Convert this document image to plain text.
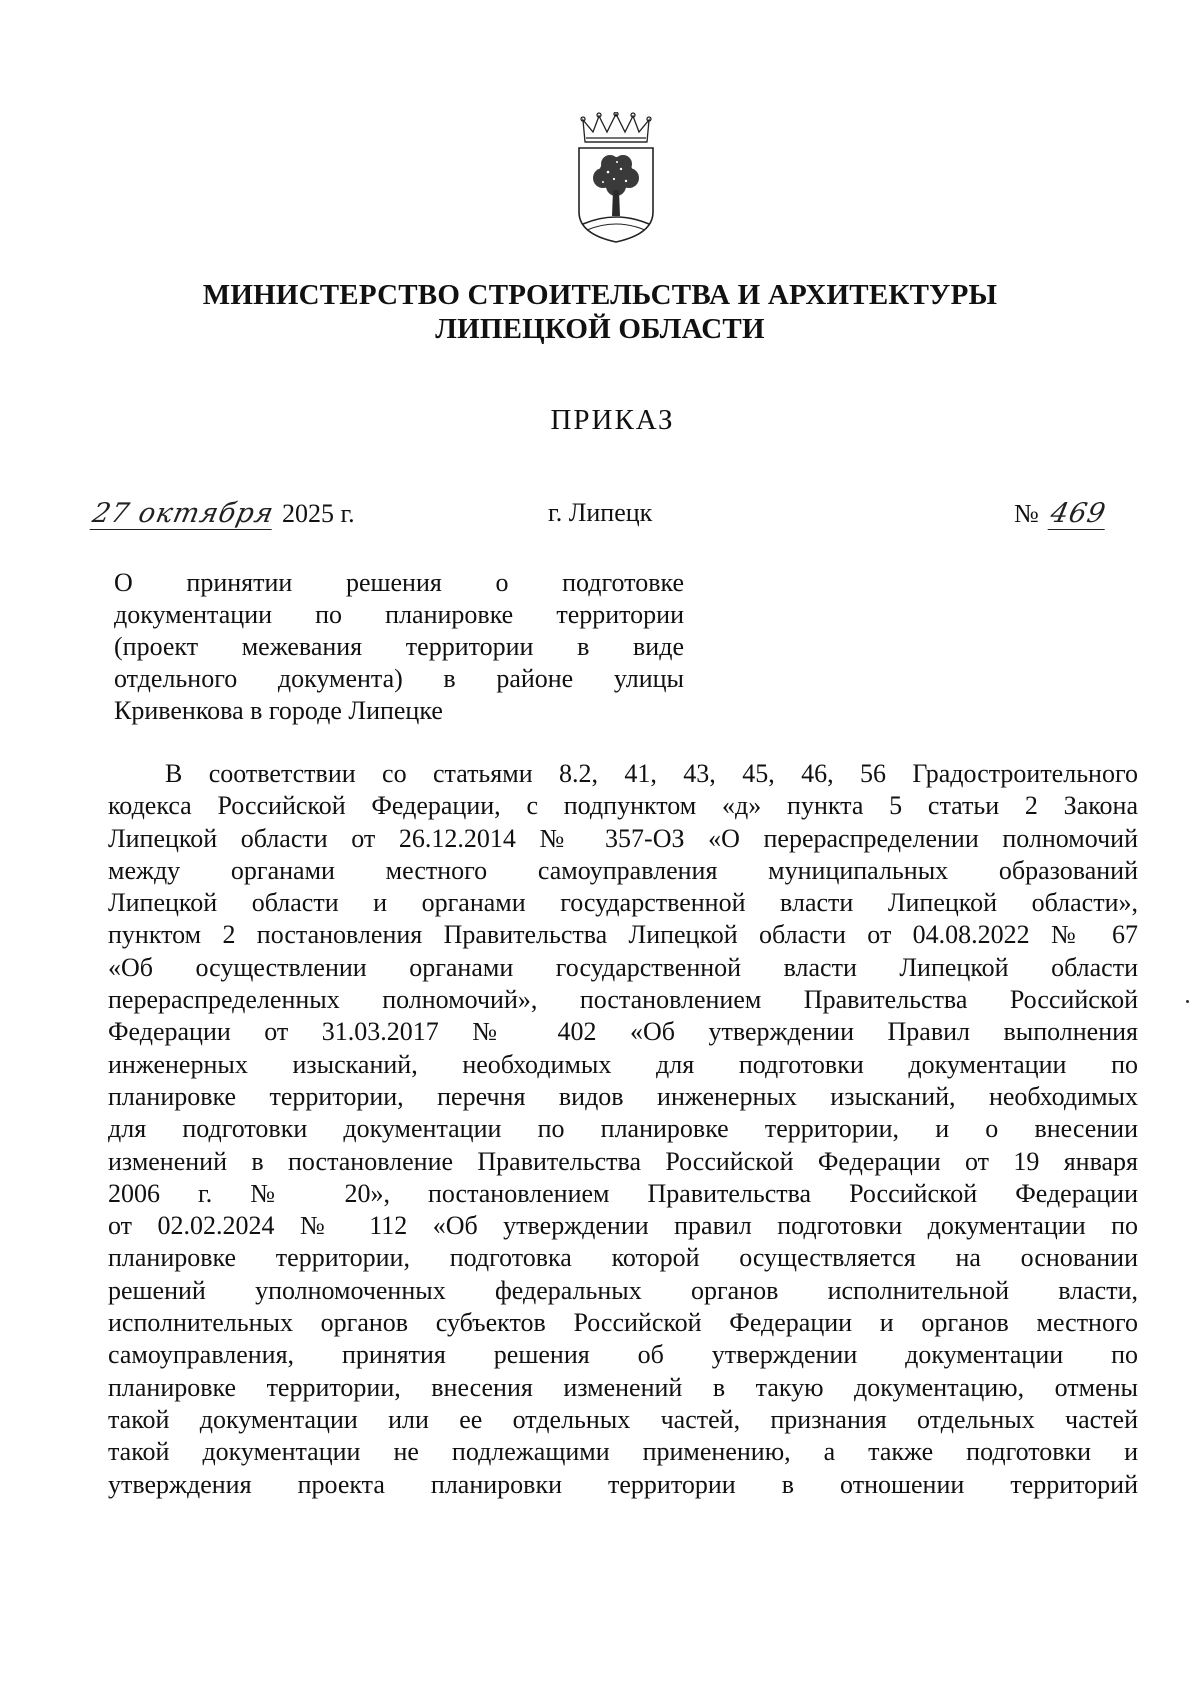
МИНИСТЕРСТВО СТРОИТЕЛЬСТВА И АРХИТЕКТУРЫ
ЛИПЕЦКОЙ ОБЛАСТИ
ПРИКАЗ
27 октября 2025 г.	г. Липецк	№ 469
О принятии решения о подготовке
документации по планировке территории
(проект межевания территории в виде
отдельного документа) в районе улицы
Кривенкова в городе Липецке
В соответствии со статьями 8.2, 41, 43, 45, 46, 56 Градостроительного
кодекса Российской Федерации, с подпунктом «д» пункта 5 статьи 2 Закона
Липецкой области от 26.12.2014 № 357-ОЗ «О перераспределении полномочий
между органами местного самоуправления муниципальных образований
Липецкой области и органами государственной власти Липецкой области»,
пунктом 2 постановления Правительства Липецкой области от 04.08.2022 № 67
«Об осуществлении органами государственной власти Липецкой области
перераспределенных полномочий», постановлением Правительства Российской
Федерации от 31.03.2017 № 402 «Об утверждении Правил выполнения
инженерных изысканий, необходимых для подготовки документации по
планировке территории, перечня видов инженерных изысканий, необходимых
для подготовки документации по планировке территории, и о внесении
изменений в постановление Правительства Российской Федерации от 19 января
2006 г. № 20», постановлением Правительства Российской Федерации
от 02.02.2024 № 112 «Об утверждении правил подготовки документации по
планировке территории, подготовка которой осуществляется на основании
решений уполномоченных федеральных органов исполнительной власти,
исполнительных органов субъектов Российской Федерации и органов местного
самоуправления, принятия решения об утверждении документации по
планировке территории, внесения изменений в такую документацию, отмены
такой документации или ее отдельных частей, признания отдельных частей
такой документации не подлежащими применению, а также подготовки и
утверждения проекта планировки территории в отношении территорий
